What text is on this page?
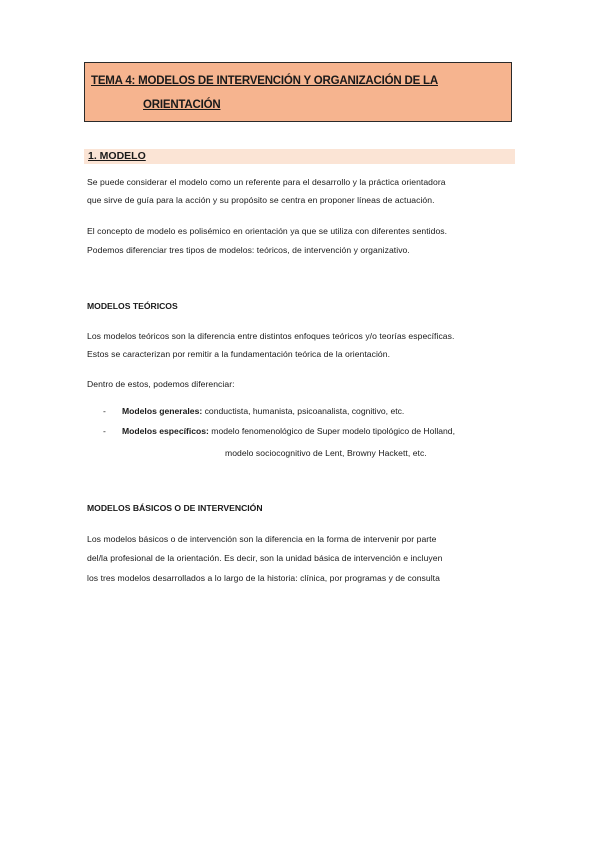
TEMA 4: MODELOS DE INTERVENCIÓN Y ORGANIZACIÓN DE LA
ORIENTACIÓN
1. MODELO
Se puede considerar el modelo como un referente para el desarrollo y la práctica orientadora
que sirve de guía para la acción y su propósito se centra en proponer líneas de actuación.
El concepto de modelo es polisémico en orientación ya que se utiliza con diferentes sentidos.
Podemos diferenciar tres tipos de modelos: teóricos, de intervención y organizativo.
MODELOS TEÓRICOS
Los modelos teóricos son la diferencia entre distintos enfoques teóricos y/o teorías específicas.
Estos se caracterizan por remitir a la fundamentación teórica de la orientación.
Dentro de estos, podemos diferenciar:
- Modelos generales: conductista, humanista, psicoanalista, cognitivo, etc.
- Modelos específicos: modelo fenomenológico de Super modelo tipológico de Holland,
modelo sociocognitivo de Lent, Browny Hackett, etc.
MODELOS BÁSICOS O DE INTERVENCIÓN
Los modelos básicos o de intervención son la diferencia en la forma de intervenir por parte
del/la profesional de la orientación. Es decir, son la unidad básica de intervención e incluyen
los tres modelos desarrollados a lo largo de la historia: clínica, por programas y de consulta
